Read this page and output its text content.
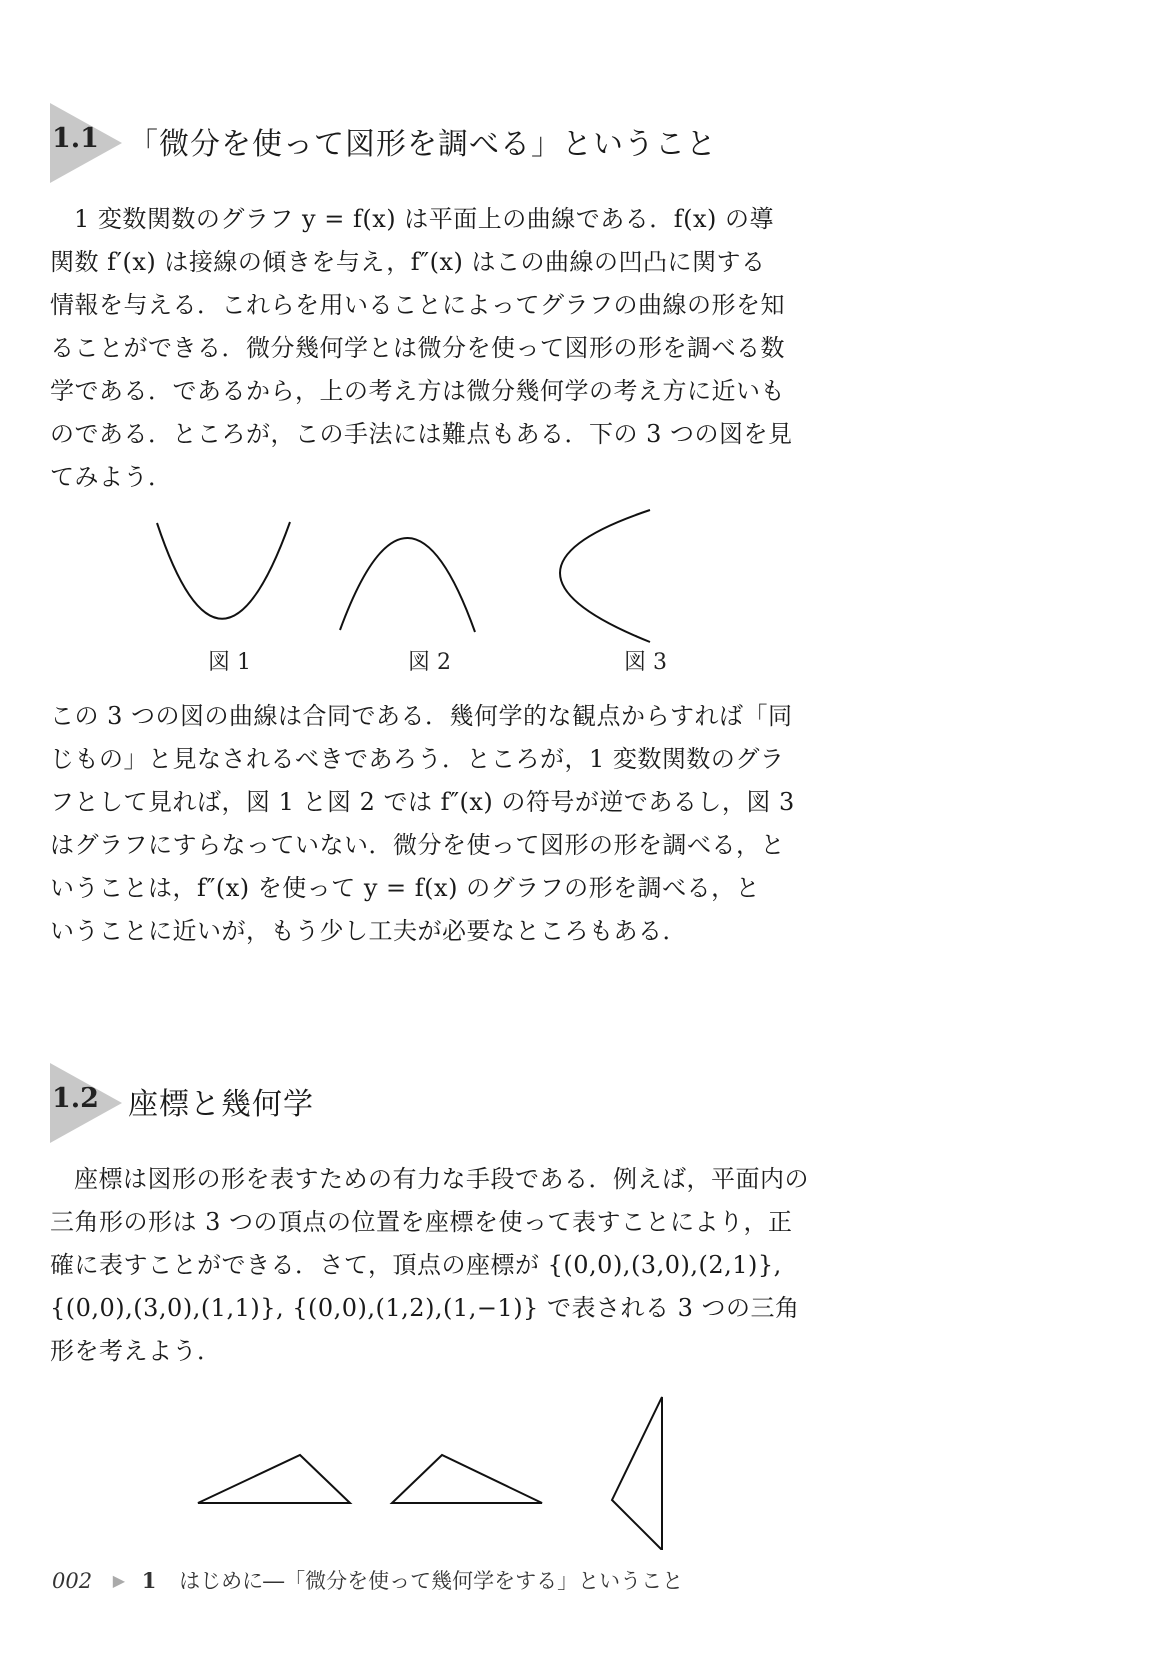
1.1 「微分を使って図形を調べる」ということ

1 変数関数のグラフ y = f(x) は平面上の曲線である．f(x) の導

関数 f′(x) は接線の傾きを与え，f″(x) はこの曲線の凹凸に関する

情報を与える．これらを用いることによってグラフの曲線の形を知

ることができる．微分幾何学とは微分を使って図形の形を調べる数

学である．であるから，上の考え方は微分幾何学の考え方に近いも

のである．ところが，この手法には難点もある．下の 3 つの図を見

てみよう．

図 1	図 2	図 3

この 3 つの図の曲線は合同である．幾何学的な観点からすれば「同

じもの」と見なされるべきであろう．ところが，1 変数関数のグラ

フとして見れば，図 1 と図 2 では f″(x) の符号が逆であるし，図 3

はグラフにすらなっていない．微分を使って図形の形を調べる，と

いうことは，f″(x) を使って y = f(x) のグラフの形を調べる，と

いうことに近いが，もう少し工夫が必要なところもある．

1.2 座標と幾何学

座標は図形の形を表すための有力な手段である．例えば，平面内の

三角形の形は 3 つの頂点の位置を座標を使って表すことにより，正

確に表すことができる．さて，頂点の座標が {(0,0),(3,0),(2,1)},

{(0,0),(3,0),(1,1)}, {(0,0),(1,2),(1,−1)} で表される 3 つの三角

形を考えよう．

002 ▶ 1 はじめに―「微分を使って幾何学をする」ということ
